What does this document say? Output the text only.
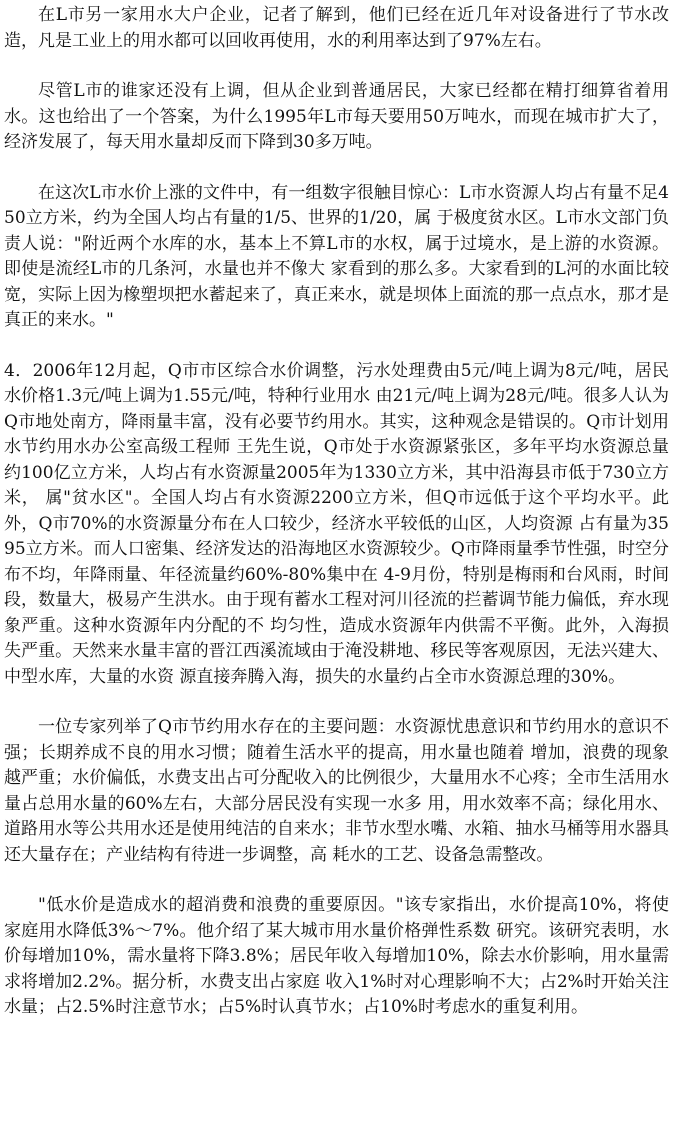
在L市另一家用水大户企业，记者了解到，他们已经在近几年对设备进行了节水改造，凡是工业上的用水都可以回收再使用，水的利用率达到了97%左右。

尽管L市的谁家还没有上调，但从企业到普通居民，大家已经都在精打细算省着用水。这也给出了一个答案，为什么1995年L市每天要用50万吨水，而现在城市扩大了，经济发展了，每天用水量却反而下降到30多万吨。

在这次L市水价上涨的文件中，有一组数字很触目惊心：L市水资源人均占有量不足450立方米，约为全国人均占有量的1/5、世界的1/20，属 于极度贫水区。L市水文部门负责人说："附近两个水库的水，基本上不算L市的水权，属于过境水，是上游的水资源。即使是流经L市的几条河，水量也并不像大 家看到的那么多。大家看到的L河的水面比较宽，实际上因为橡塑坝把水蓄起来了，真正来水，就是坝体上面流的那一点点水，那才是真正的来水。"

4．2006年12月起，Q市市区综合水价调整，污水处理费由5元/吨上调为8元/吨，居民水价格1.3元/吨上调为1.55元/吨，特种行业用水 由21元/吨上调为28元/吨。很多人认为Q市地处南方，降雨量丰富，没有必要节约用水。其实，这种观念是错误的。Q市计划用水节约用水办公室高级工程师 王先生说，Q市处于水资源紧张区，多年平均水资源总量约100亿立方米，人均占有水资源量2005年为1330立方米，其中沿海县市低于730立方米， 属"贫水区"。全国人均占有水资源2200立方米，但Q市远低于这个平均水平。此外，Q市70%的水资源量分布在人口较少，经济水平较低的山区，人均资源 占有量为3595立方米。而人口密集、经济发达的沿海地区水资源较少。Q市降雨量季节性强，时空分布不均，年降雨量、年径流量约60%-80%集中在 4-9月份，特别是梅雨和台风雨，时间段，数量大，极易产生洪水。由于现有蓄水工程对河川径流的拦蓄调节能力偏低，弃水现象严重。这种水资源年内分配的不 均匀性，造成水资源年内供需不平衡。此外，入海损失严重。天然来水量丰富的晋江西溪流域由于淹没耕地、移民等客观原因，无法兴建大、中型水库，大量的水资 源直接奔腾入海，损失的水量约占全市水资源总理的30%。

一位专家列举了Q市节约用水存在的主要问题：水资源忧患意识和节约用水的意识不强；长期养成不良的用水习惯；随着生活水平的提高，用水量也随着 增加，浪费的现象越严重；水价偏低，水费支出占可分配收入的比例很少，大量用水不心疼；全市生活用水量占总用水量的60%左右，大部分居民没有实现一水多 用，用水效率不高；绿化用水、道路用水等公共用水还是使用纯洁的自来水；非节水型水嘴、水箱、抽水马桶等用水器具还大量存在；产业结构有待进一步调整，高 耗水的工艺、设备急需整改。

"低水价是造成水的超消费和浪费的重要原因。"该专家指出，水价提高10%，将使家庭用水降低3%～7%。他介绍了某大城市用水量价格弹性系数 研究。该研究表明，水价每增加10%，需水量将下降3.8%；居民年收入每增加10%，除去水价影响，用水量需求将增加2.2%。据分析，水费支出占家庭 收入1%时对心理影响不大；占2%时开始关注水量；占2.5%时注意节水；占5%时认真节水；占10%时考虑水的重复利用。
